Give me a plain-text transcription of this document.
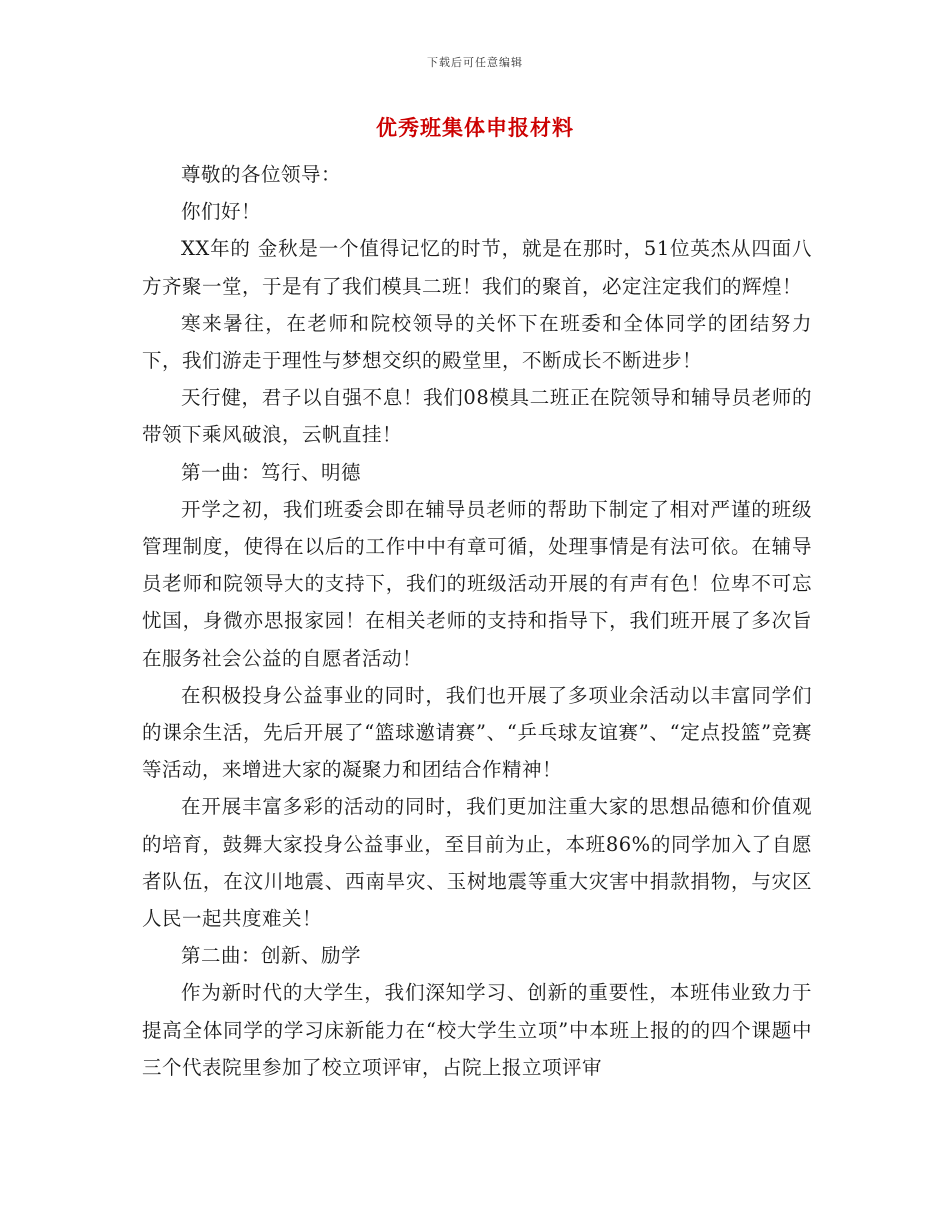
下载后可任意编辑
优秀班集体申报材料

尊敬的各位领导：

你们好！

XX年的 金秋是一个值得记忆的时节，就是在那时，51位英杰从四面八方齐聚一堂，于是有了我们模具二班！我们的聚首，必定注定我们的辉煌！

寒来暑往，在老师和院校领导的关怀下在班委和全体同学的团结努力下，我们游走于理性与梦想交织的殿堂里，不断成长不断进步！

天行健，君子以自强不息！我们08模具二班正在院领导和辅导员老师的带领下乘风破浪，云帆直挂！

第一曲：笃行、明德

开学之初，我们班委会即在辅导员老师的帮助下制定了相对严谨的班级管理制度，使得在以后的工作中中有章可循，处理事情是有法可依。在辅导员老师和院领导大的支持下，我们的班级活动开展的有声有色！位卑不可忘忧国，身微亦思报家园！在相关老师的支持和指导下，我们班开展了多次旨在服务社会公益的自愿者活动！

在积极投身公益事业的同时，我们也开展了多项业余活动以丰富同学们的课余生活，先后开展了“篮球邀请赛”、“乒乓球友谊赛”、“定点投篮”竞赛等活动，来增进大家的凝聚力和团结合作精神！

在开展丰富多彩的活动的同时，我们更加注重大家的思想品德和价值观的培育，鼓舞大家投身公益事业，至目前为止，本班86%的同学加入了自愿者队伍，在汶川地震、西南旱灾、玉树地震等重大灾害中捐款捐物，与灾区人民一起共度难关！

第二曲：创新、励学

作为新时代的大学生，我们深知学习、创新的重要性，本班伟业致力于提高全体同学的学习床新能力在“校大学生立项”中本班上报的的四个课题中三个代表院里参加了校立项评审，占院上报立项评审
